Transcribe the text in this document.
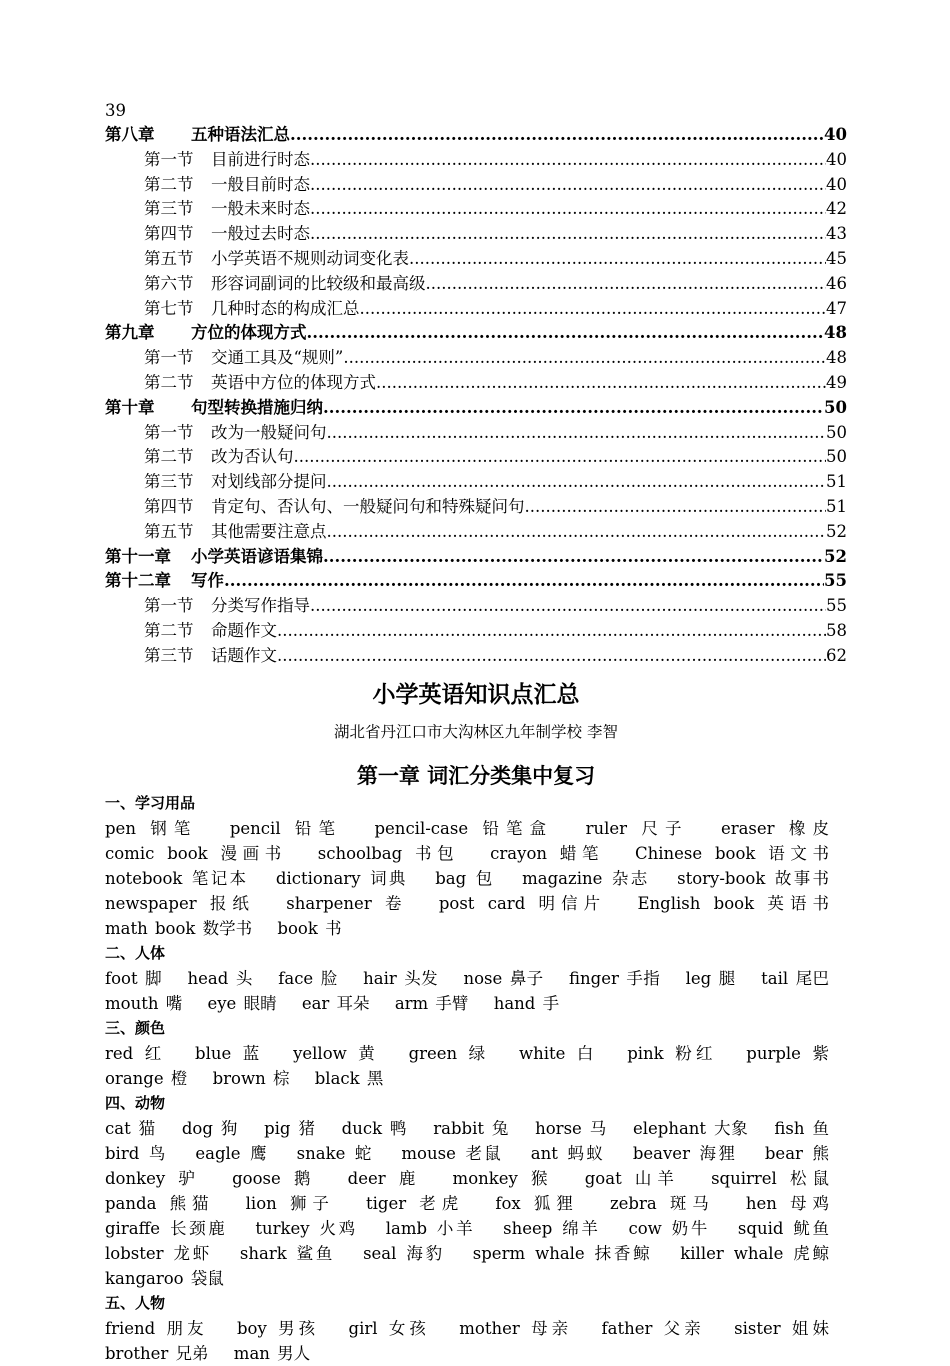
39
第八章 五种语法汇总 .....	40
第一节 目前进行时态 .....	40
第二节 一般目前时态 .....	40
第三节 一般未来时态 .....	42
第四节 一般过去时态 .....	43
第五节 小学英语不规则动词变化表 .....	45
第六节 形容词副词的比较级和最高级 .....	46
第七节 几种时态的构成汇总 .....	47
第九章 方位的体现方式 .....	48
第一节 交通工具及“规则” .....	48
第二节 英语中方位的体现方式 .....	49
第十章 句型转换措施归纳 .....	50
第一节 改为一般疑问句 .....	50
第二节 改为否认句 .....	50
第三节 对划线部分提问 .....	51
第四节 肯定句、否认句、一般疑问句和特殊疑问句 .....	51
第五节 其他需要注意点 .....	52
第十一章 小学英语谚语集锦 .....	52
第十二章 写作 .....	55
第一节 分类写作指导 .....	55
第二节 命题作文 .....	58
第三节 话题作文 .....	62
小学英语知识点汇总
湖北省丹江口市大沟林区九年制学校 李智
第一章 词汇分类集中复习
一、学习用品
pen 钢笔 pencil 铅笔 pencil-case 铅笔盒 ruler 尺子 eraser 橡皮 comic book 漫画书 schoolbag 书包 crayon 蜡笔 Chinese book 语文书 notebook 笔记本 dictionary 词典 bag 包 magazine 杂志 story-book 故事书 newspaper 报纸 sharpener 卷 post card 明信片 English book 英语书 math book 数学书 book 书
二、人体
foot 脚 head 头 face 脸 hair 头发 nose 鼻子 finger 手指 leg 腿 tail 尾巴 mouth 嘴 eye 眼睛 ear 耳朵 arm 手臂 hand 手
三、颜色
red 红 blue 蓝 yellow 黄 green 绿 white 白 pink 粉红 purple 紫 orange 橙 brown 棕 black 黑
四、动物
cat 猫 dog 狗 pig 猪 duck 鸭 rabbit 兔 horse 马 elephant 大象 fish 鱼 bird 鸟 eagle 鹰 snake 蛇 mouse 老鼠 ant 蚂蚁 beaver 海狸 bear 熊 donkey 驴 goose 鹅 deer 鹿 monkey 猴 goat 山羊 squirrel 松鼠 panda 熊猫 lion 狮子 tiger 老虎 fox 狐狸 zebra 斑马 hen 母鸡 giraffe 长颈鹿 turkey 火鸡 lamb 小羊 sheep 绵羊 cow 奶牛 squid 鱿鱼 lobster 龙虾 shark 鲨鱼 seal 海豹 sperm whale 抹香鲸 killer whale 虎鲸 kangaroo 袋鼠
五、人物
friend 朋友 boy 男孩 girl 女孩 mother 母亲 father 父亲 sister 姐妹 brother 兄弟 man 男人
